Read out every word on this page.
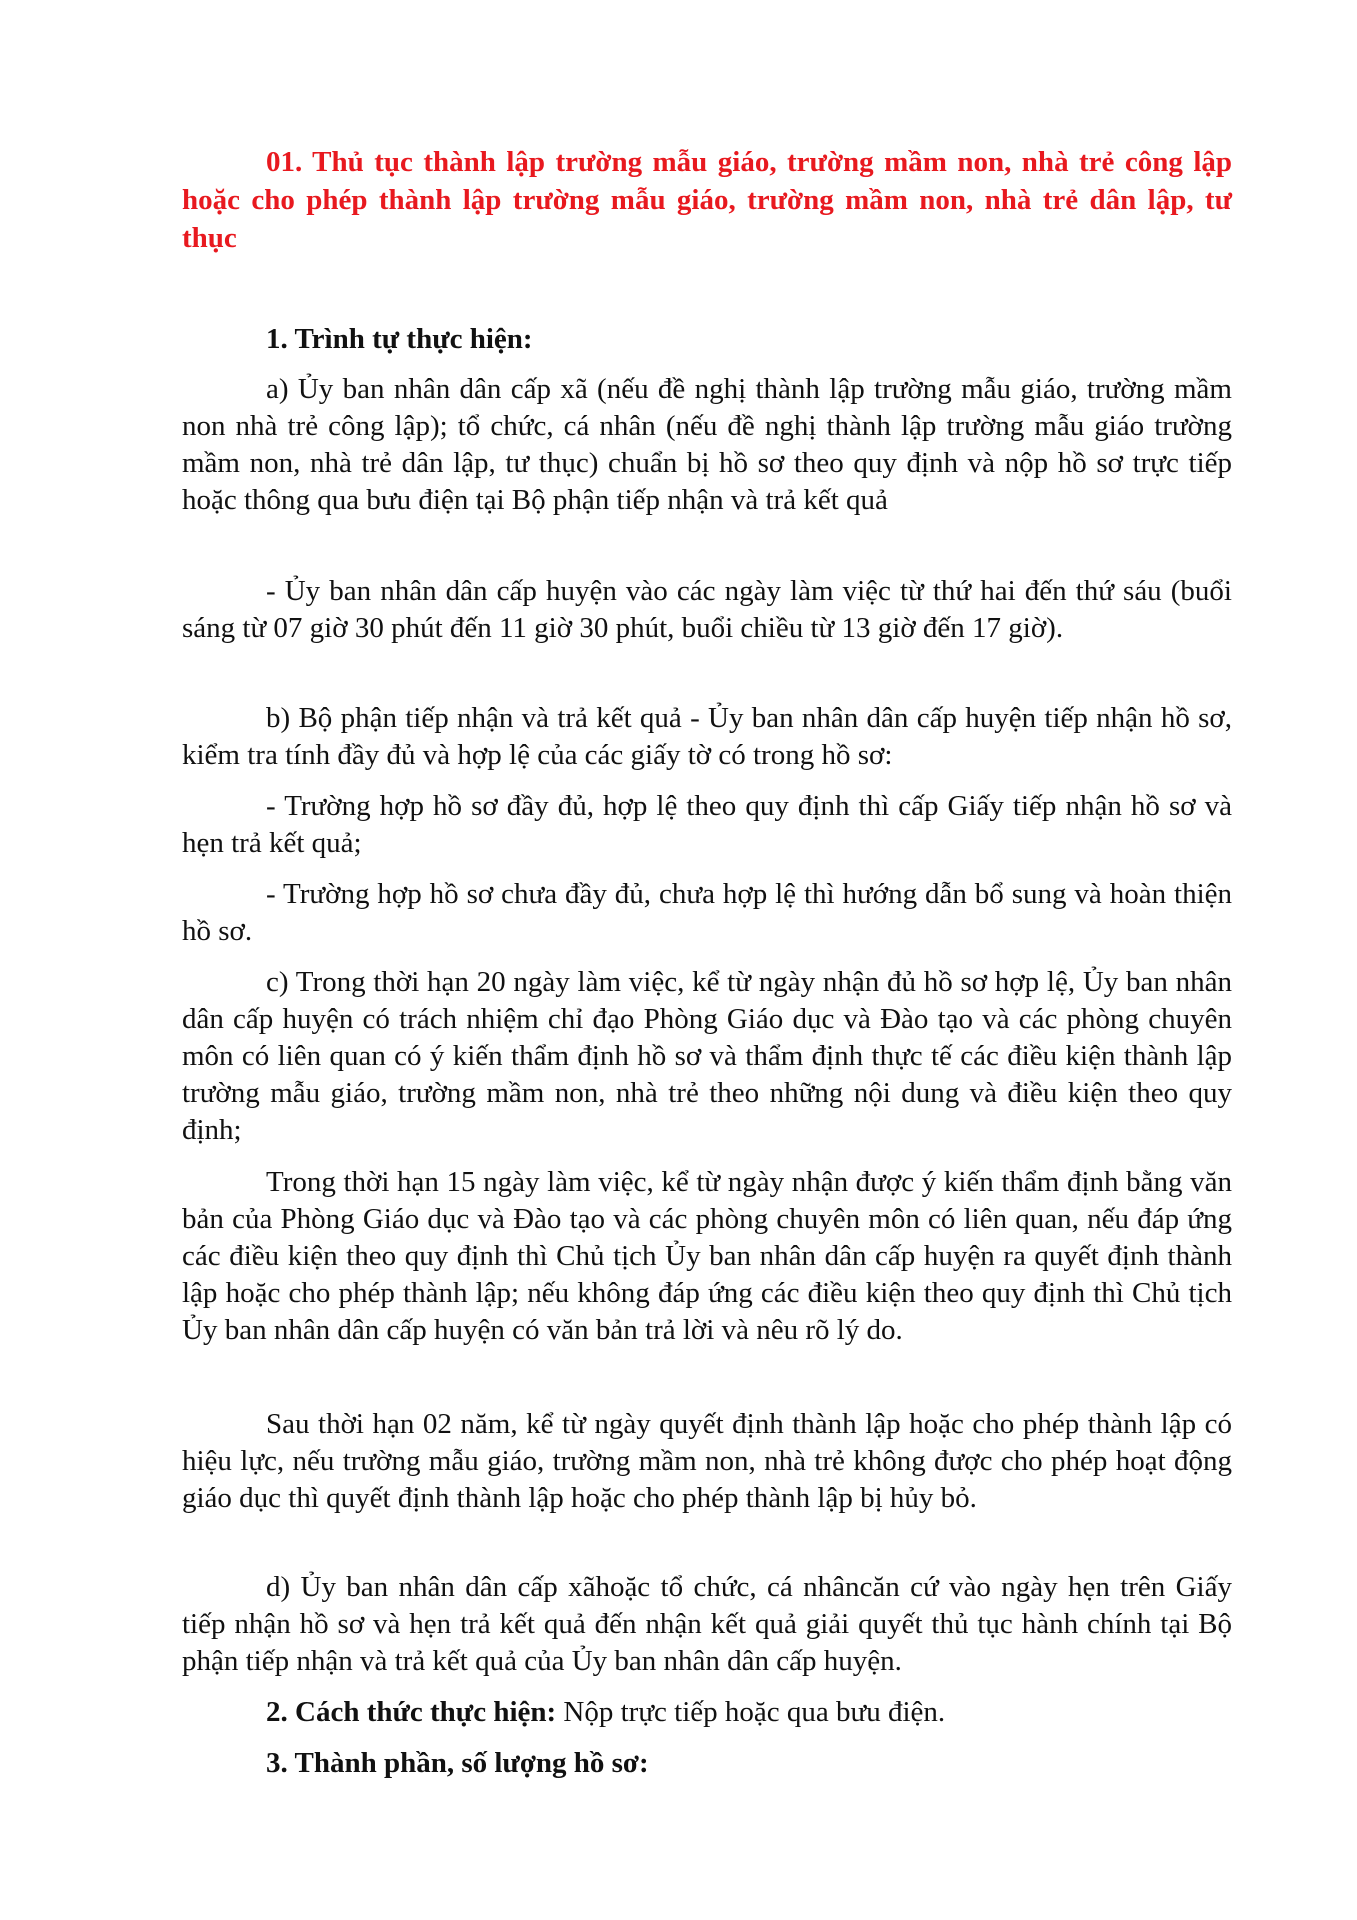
01. Thủ tục thành lập trường mẫu giáo, trường mầm non, nhà trẻ công lập hoặc cho phép thành lập trường mẫu giáo, trường mầm non, nhà trẻ dân lập, tư thục

1. Trình tự thực hiện:

a) Ủy ban nhân dân cấp xã (nếu đề nghị thành lập trường mẫu giáo, trường mầm non nhà trẻ công lập); tổ chức, cá nhân (nếu đề nghị thành lập trường mẫu giáo trường mầm non, nhà trẻ dân lập, tư thục) chuẩn bị hồ sơ theo quy định và nộp hồ sơ trực tiếp hoặc thông qua bưu điện tại Bộ phận tiếp nhận và trả kết quả

- Ủy ban nhân dân cấp huyện vào các ngày làm việc từ thứ hai đến thứ sáu (buổi sáng từ 07 giờ 30 phút đến 11 giờ 30 phút, buổi chiều từ 13 giờ đến 17 giờ).

b) Bộ phận tiếp nhận và trả kết quả - Ủy ban nhân dân cấp huyện tiếp nhận hồ sơ, kiểm tra tính đầy đủ và hợp lệ của các giấy tờ có trong hồ sơ:

- Trường hợp hồ sơ đầy đủ, hợp lệ theo quy định thì cấp Giấy tiếp nhận hồ sơ và hẹn trả kết quả;

- Trường hợp hồ sơ chưa đầy đủ, chưa hợp lệ thì hướng dẫn bổ sung và hoàn thiện hồ sơ.

c) Trong thời hạn 20 ngày làm việc, kể từ ngày nhận đủ hồ sơ hợp lệ, Ủy ban nhân dân cấp huyện có trách nhiệm chỉ đạo Phòng Giáo dục và Đào tạo và các phòng chuyên môn có liên quan có ý kiến thẩm định hồ sơ và thẩm định thực tế các điều kiện thành lập trường mẫu giáo, trường mầm non, nhà trẻ theo những nội dung và điều kiện theo quy định;

Trong thời hạn 15 ngày làm việc, kể từ ngày nhận được ý kiến thẩm định bằng văn bản của Phòng Giáo dục và Đào tạo và các phòng chuyên môn có liên quan, nếu đáp ứng các điều kiện theo quy định thì Chủ tịch Ủy ban nhân dân cấp huyện ra quyết định thành lập hoặc cho phép thành lập; nếu không đáp ứng các điều kiện theo quy định thì Chủ tịch Ủy ban nhân dân cấp huyện có văn bản trả lời và nêu rõ lý do.

Sau thời hạn 02 năm, kể từ ngày quyết định thành lập hoặc cho phép thành lập có hiệu lực, nếu trường mẫu giáo, trường mầm non, nhà trẻ không được cho phép hoạt động giáo dục thì quyết định thành lập hoặc cho phép thành lập bị hủy bỏ.

d) Ủy ban nhân dân cấp xãhoặc tổ chức, cá nhâncăn cứ vào ngày hẹn trên Giấy tiếp nhận hồ sơ và hẹn trả kết quả đến nhận kết quả giải quyết thủ tục hành chính tại Bộ phận tiếp nhận và trả kết quả của Ủy ban nhân dân cấp huyện.

2. Cách thức thực hiện: Nộp trực tiếp hoặc qua bưu điện.

3. Thành phần, số lượng hồ sơ:
